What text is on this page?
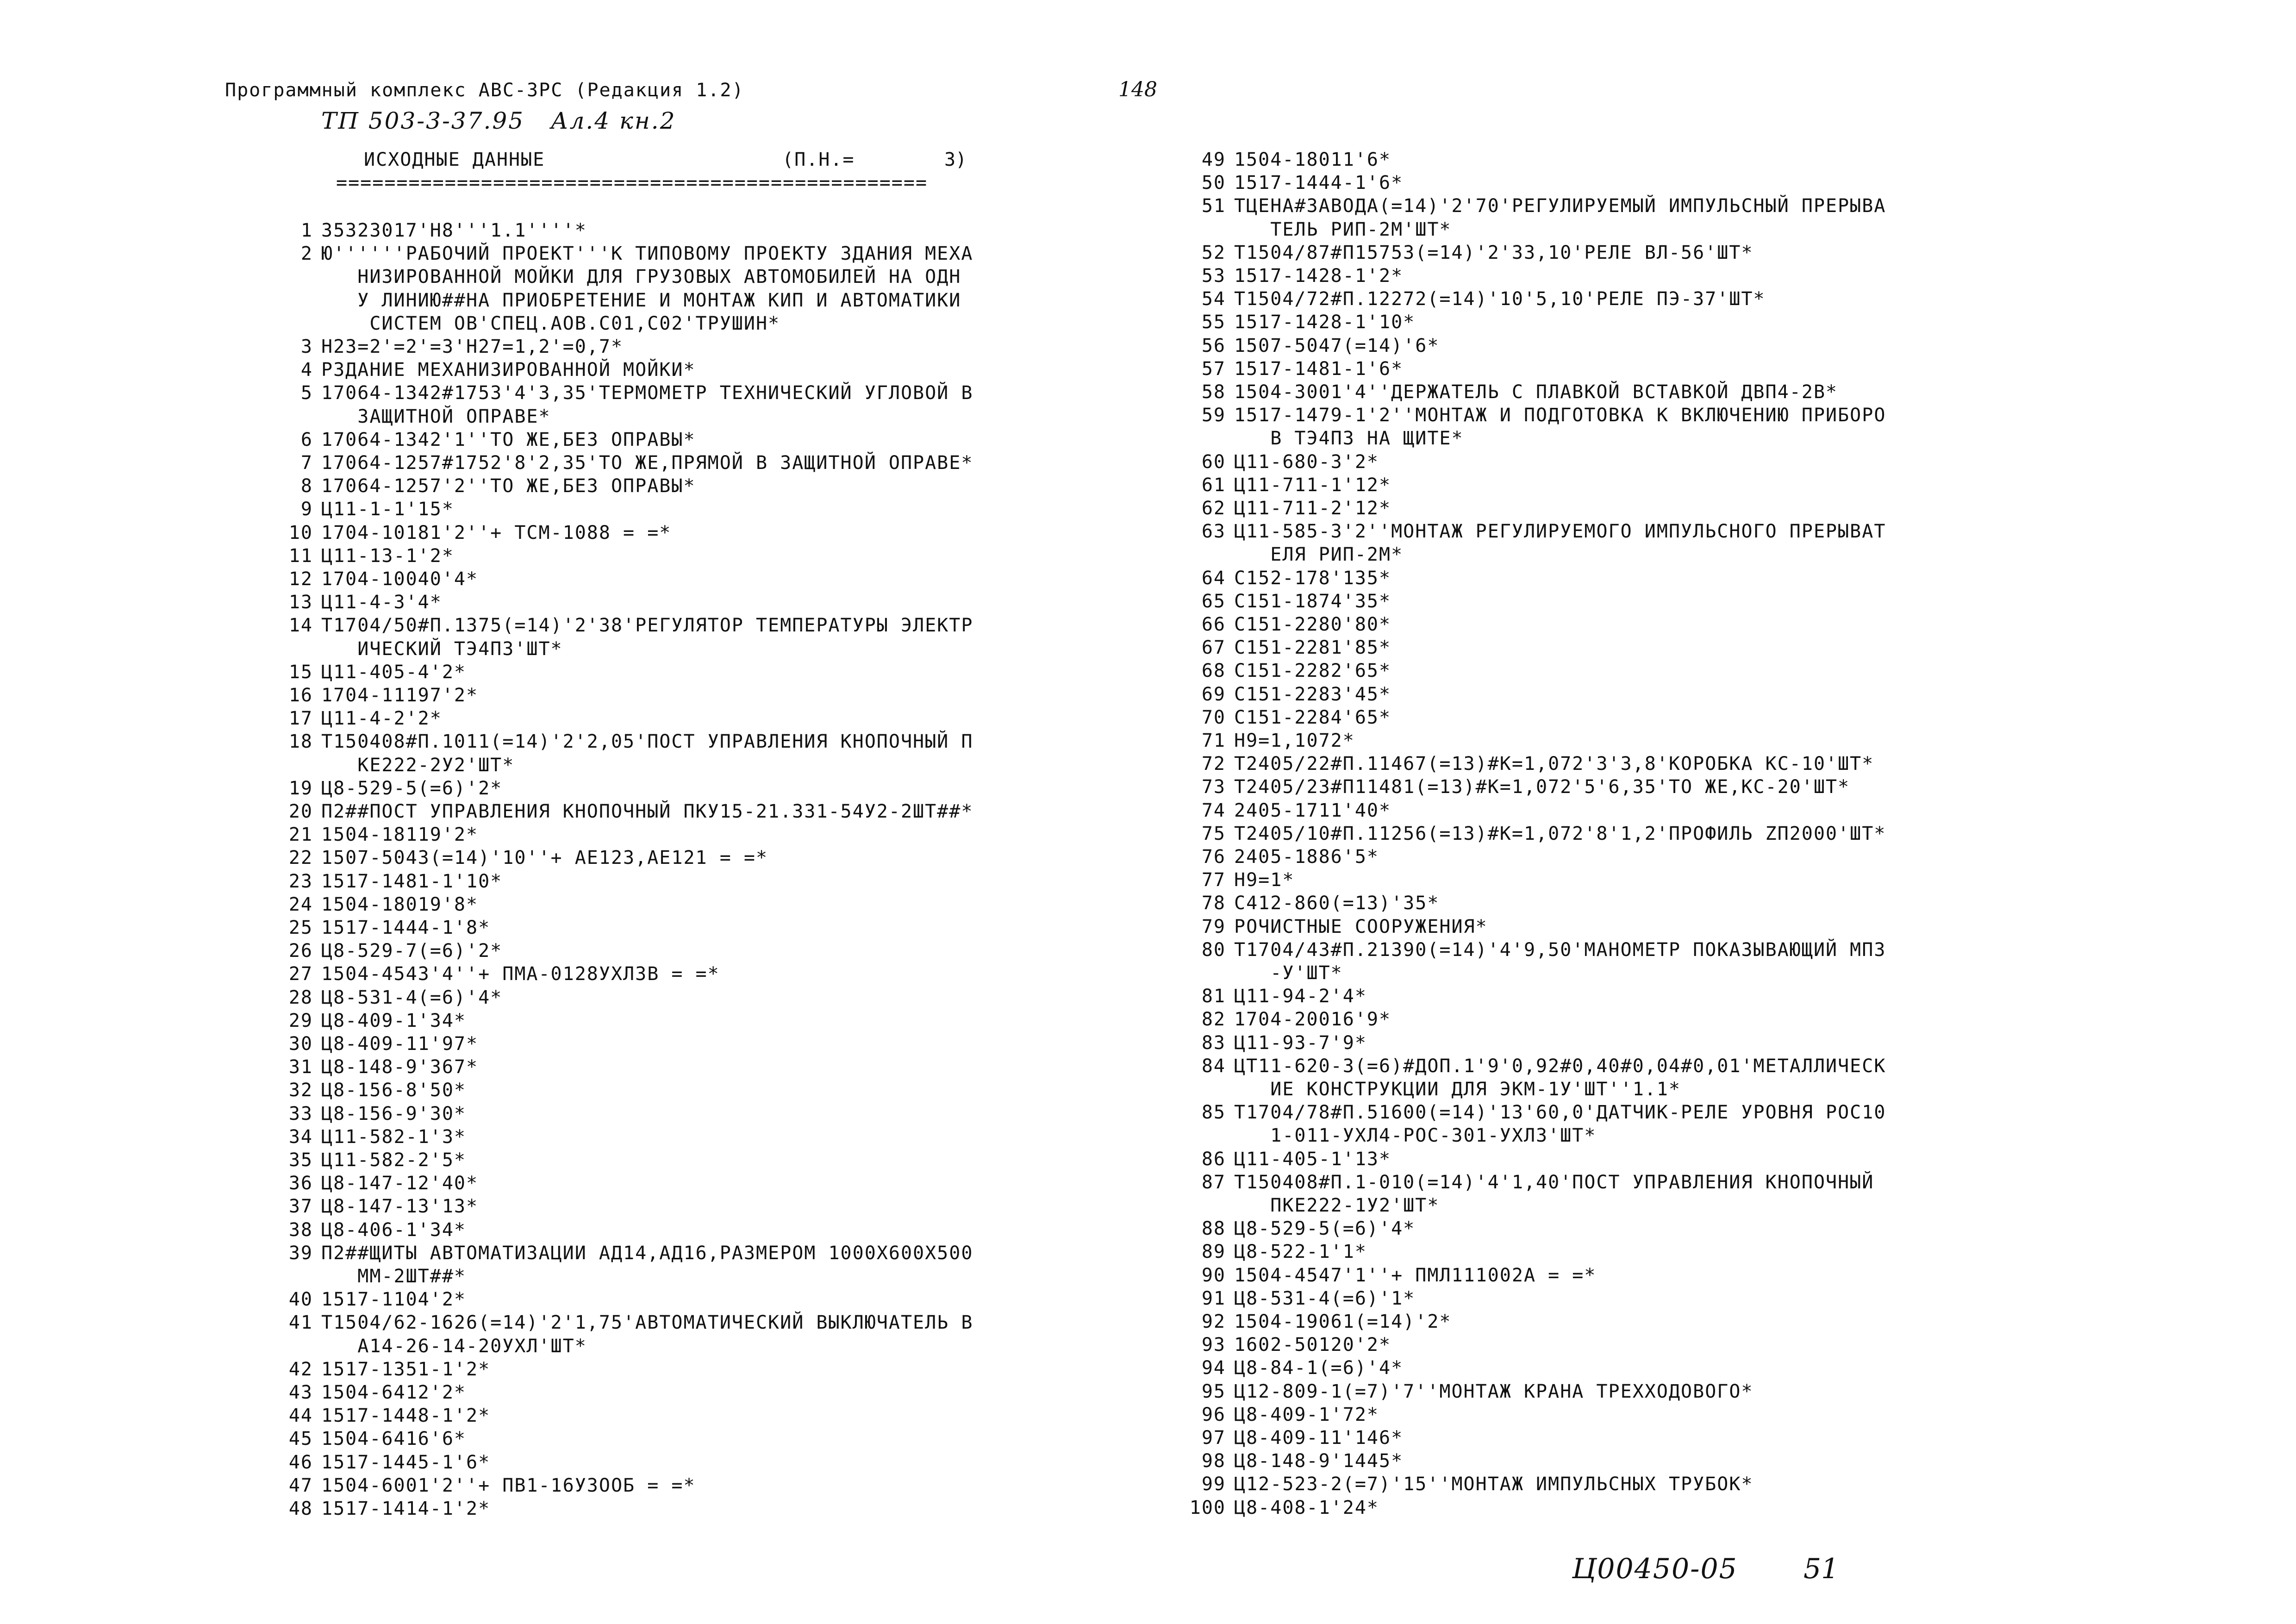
Программный комплекс АВС-3РС (Редакция 1.2)	148
ТП 503-3-37.95   Ал.4 кн.2
ИСХОДНЫЕ ДАННЫЕ	(П.Н.=	3)
=================================================
1 35323017'Н8'''1.1''''*
2 Ю''''''РАБОЧИЙ ПРОЕКТ'''К ТИПОВОМУ ПРОЕКТУ ЗДАНИЯ МЕХА
НИЗИРОВАННОЙ МОЙКИ ДЛЯ ГРУЗОВЫХ АВТОМОБИЛЕЙ НА ОДН
У ЛИНИЮ##НА ПРИОБРЕТЕНИЕ И МОНТАЖ КИП И АВТОМАТИКИ
СИСТЕМ ОВ'СПЕЦ.АОВ.С01,С02'ТРУШИН*
3 Н23=2'=2'=3'Н27=1,2'=0,7*
4 РЗДАНИЕ МЕХАНИЗИРОВАННОЙ МОЙКИ*
5 17064-1342#1753'4'3,35'ТЕРМОМЕТР ТЕХНИЧЕСКИЙ УГЛОВОЙ В
ЗАЩИТНОЙ ОПРАВЕ*
6 17064-1342'1''ТО ЖЕ,БЕЗ ОПРАВЫ*
7 17064-1257#1752'8'2,35'ТО ЖЕ,ПРЯМОЙ В ЗАЩИТНОЙ ОПРАВЕ*
8 17064-1257'2''ТО ЖЕ,БЕЗ ОПРАВЫ*
9 Ц11-1-1'15*
10 1704-10181'2''+ ТСМ-1088 = =*
11 Ц11-13-1'2*
12 1704-10040'4*
13 Ц11-4-3'4*
14 Т1704/50#П.1375(=14)'2'38'РЕГУЛЯТОР ТЕМПЕРАТУРЫ ЭЛЕКТР
ИЧЕСКИЙ ТЭ4П3'ШТ*
15 Ц11-405-4'2*
16 1704-11197'2*
17 Ц11-4-2'2*
18 Т150408#П.1011(=14)'2'2,05'ПОСТ УПРАВЛЕНИЯ КНОПОЧНЫЙ П
КЕ222-2У2'ШТ*
19 Ц8-529-5(=6)'2*
20 П2##ПОСТ УПРАВЛЕНИЯ КНОПОЧНЫЙ ПКУ15-21.331-54У2-2ШТ##*
21 1504-18119'2*
22 1507-5043(=14)'10''+ АЕ123,АЕ121 = =*
23 1517-1481-1'10*
24 1504-18019'8*
25 1517-1444-1'8*
26 Ц8-529-7(=6)'2*
27 1504-4543'4''+ ПМА-0128УХЛ3В = =*
28 Ц8-531-4(=6)'4*
29 Ц8-409-1'34*
30 Ц8-409-11'97*
31 Ц8-148-9'367*
32 Ц8-156-8'50*
33 Ц8-156-9'30*
34 Ц11-582-1'3*
35 Ц11-582-2'5*
36 Ц8-147-12'40*
37 Ц8-147-13'13*
38 Ц8-406-1'34*
39 П2##ЩИТЫ АВТОМАТИЗАЦИИ АД14,АД16,РАЗМЕРОМ 1000Х600Х500
ММ-2ШТ##*
40 1517-1104'2*
41 Т1504/62-1626(=14)'2'1,75'АВТОМАТИЧЕСКИЙ ВЫКЛЮЧАТЕЛЬ В
А14-26-14-20УХЛ'ШТ*
42 1517-1351-1'2*
43 1504-6412'2*
44 1517-1448-1'2*
45 1504-6416'6*
46 1517-1445-1'6*
47 1504-6001'2''+ ПВ1-16У3ООБ = =*
48 1517-1414-1'2*
49 1504-18011'6*
50 1517-1444-1'6*
51 ТЦЕНА#ЗАВОДА(=14)'2'70'РЕГУЛИРУЕМЫЙ ИМПУЛЬСНЫЙ ПРЕРЫВА
ТЕЛЬ РИП-2М'ШТ*
52 Т1504/87#П15753(=14)'2'33,10'РЕЛЕ ВЛ-56'ШТ*
53 1517-1428-1'2*
54 Т1504/72#П.12272(=14)'10'5,10'РЕЛЕ ПЭ-37'ШТ*
55 1517-1428-1'10*
56 1507-5047(=14)'6*
57 1517-1481-1'6*
58 1504-3001'4''ДЕРЖАТЕЛЬ С ПЛАВКОЙ ВСТАВКОЙ ДВП4-2В*
59 1517-1479-1'2''МОНТАЖ И ПОДГОТОВКА К ВКЛЮЧЕНИЮ ПРИБОРО
В ТЭ4П3 НА ЩИТЕ*
60 Ц11-680-3'2*
61 Ц11-711-1'12*
62 Ц11-711-2'12*
63 Ц11-585-3'2''МОНТАЖ РЕГУЛИРУЕМОГО ИМПУЛЬСНОГО ПРЕРЫВАТ
ЕЛЯ РИП-2М*
64 С152-178'135*
65 С151-1874'35*
66 С151-2280'80*
67 С151-2281'85*
68 С151-2282'65*
69 С151-2283'45*
70 С151-2284'65*
71 Н9=1,1072*
72 Т2405/22#П.11467(=13)#К=1,072'3'3,8'КОРОБКА КС-10'ШТ*
73 Т2405/23#П11481(=13)#К=1,072'5'6,35'ТО ЖЕ,КС-20'ШТ*
74 2405-1711'40*
75 Т2405/10#П.11256(=13)#К=1,072'8'1,2'ПРОФИЛЬ ZП2000'ШТ*
76 2405-1886'5*
77 Н9=1*
78 С412-860(=13)'35*
79 РОЧИСТНЫЕ СООРУЖЕНИЯ*
80 Т1704/43#П.21390(=14)'4'9,50'МАНОМЕТР ПОКАЗЫВАЮЩИЙ МП3
-У'ШТ*
81 Ц11-94-2'4*
82 1704-20016'9*
83 Ц11-93-7'9*
84 ЦТ11-620-3(=6)#ДОП.1'9'0,92#0,40#0,04#0,01'МЕТАЛЛИЧЕСК
ИЕ КОНСТРУКЦИИ ДЛЯ ЭКМ-1У'ШТ''1.1*
85 Т1704/78#П.51600(=14)'13'60,0'ДАТЧИК-РЕЛЕ УРОВНЯ РОС10
1-011-УХЛ4-РОС-301-УХЛ3'ШТ*
86 Ц11-405-1'13*
87 Т150408#П.1-010(=14)'4'1,40'ПОСТ УПРАВЛЕНИЯ КНОПОЧНЫЙ
ПКЕ222-1У2'ШТ*
88 Ц8-529-5(=6)'4*
89 Ц8-522-1'1*
90 1504-4547'1''+ ПМЛ111002А = =*
91 Ц8-531-4(=6)'1*
92 1504-19061(=14)'2*
93 1602-50120'2*
94 Ц8-84-1(=6)'4*
95 Ц12-809-1(=7)'7''МОНТАЖ КРАНА ТРЕХХОДОВОГО*
96 Ц8-409-1'72*
97 Ц8-409-11'146*
98 Ц8-148-9'1445*
99 Ц12-523-2(=7)'15''МОНТАЖ ИМПУЛЬСНЫХ ТРУБОК*
100 Ц8-408-1'24*
Ц00450-05 51
